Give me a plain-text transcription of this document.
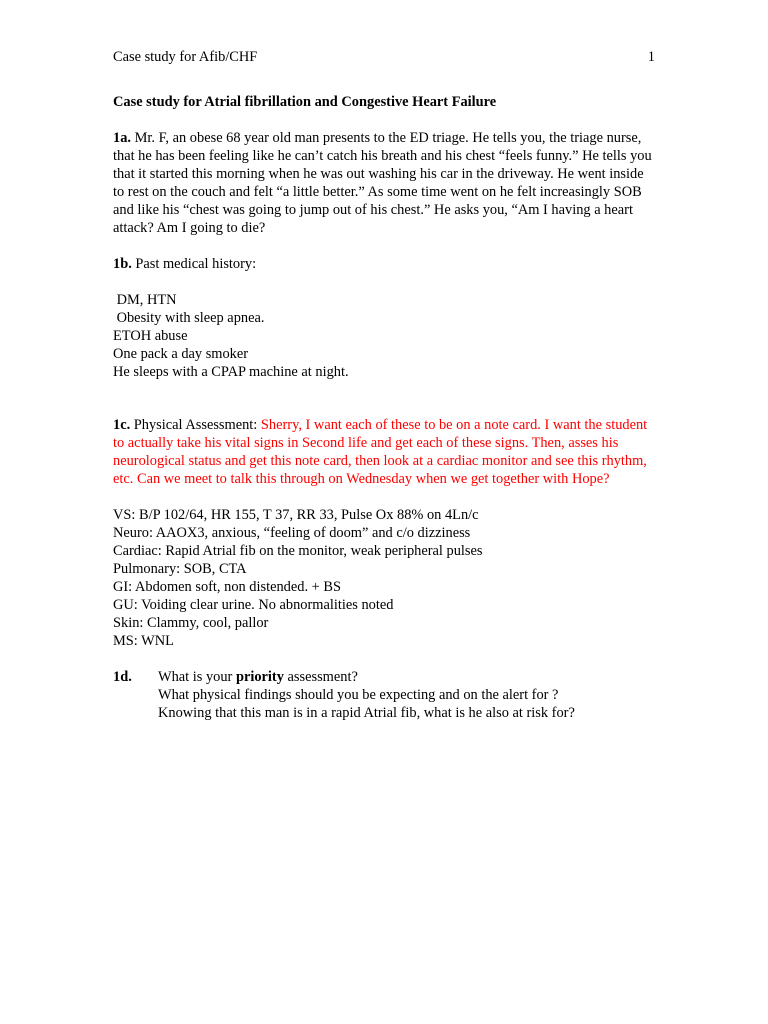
Case study for Afib/CHF	1

Case study for Atrial fibrillation and Congestive Heart Failure

1a. Mr. F, an obese 68 year old man presents to the ED triage. He tells you, the triage nurse, that he has been feeling like he can’t catch his breath and his chest “feels funny.” He tells you that it started this morning when he was out washing his car in the driveway. He went inside to rest on the couch and felt “a little better.” As some time went on he felt increasingly SOB and like his “chest was going to jump out of his chest.” He asks you, “Am I having a heart attack? Am I going to die?

1b. Past medical history:

DM, HTN
Obesity with sleep apnea.
ETOH abuse
One pack a day smoker
He sleeps with a CPAP machine at night.

1c. Physical Assessment: Sherry, I want each of these to be on a note card. I want the student to actually take his vital signs in Second life and get each of these signs. Then, asses his neurological status and get this note card, then look at a cardiac monitor and see this rhythm, etc. Can we meet to talk this through on Wednesday when we get together with Hope?

VS: B/P 102/64, HR 155, T 37, RR 33, Pulse Ox 88% on 4Ln/c
Neuro: AAOX3, anxious, “feeling of doom” and c/o dizziness
Cardiac: Rapid Atrial fib on the monitor, weak peripheral pulses
Pulmonary: SOB, CTA
GI: Abdomen soft, non distended. + BS
GU: Voiding clear urine. No abnormalities noted
Skin: Clammy, cool, pallor
MS: WNL
1d.	What is your priority assessment?
What physical findings should you be expecting and on the alert for ?
Knowing that this man is in a rapid Atrial fib, what is he also at risk for?
